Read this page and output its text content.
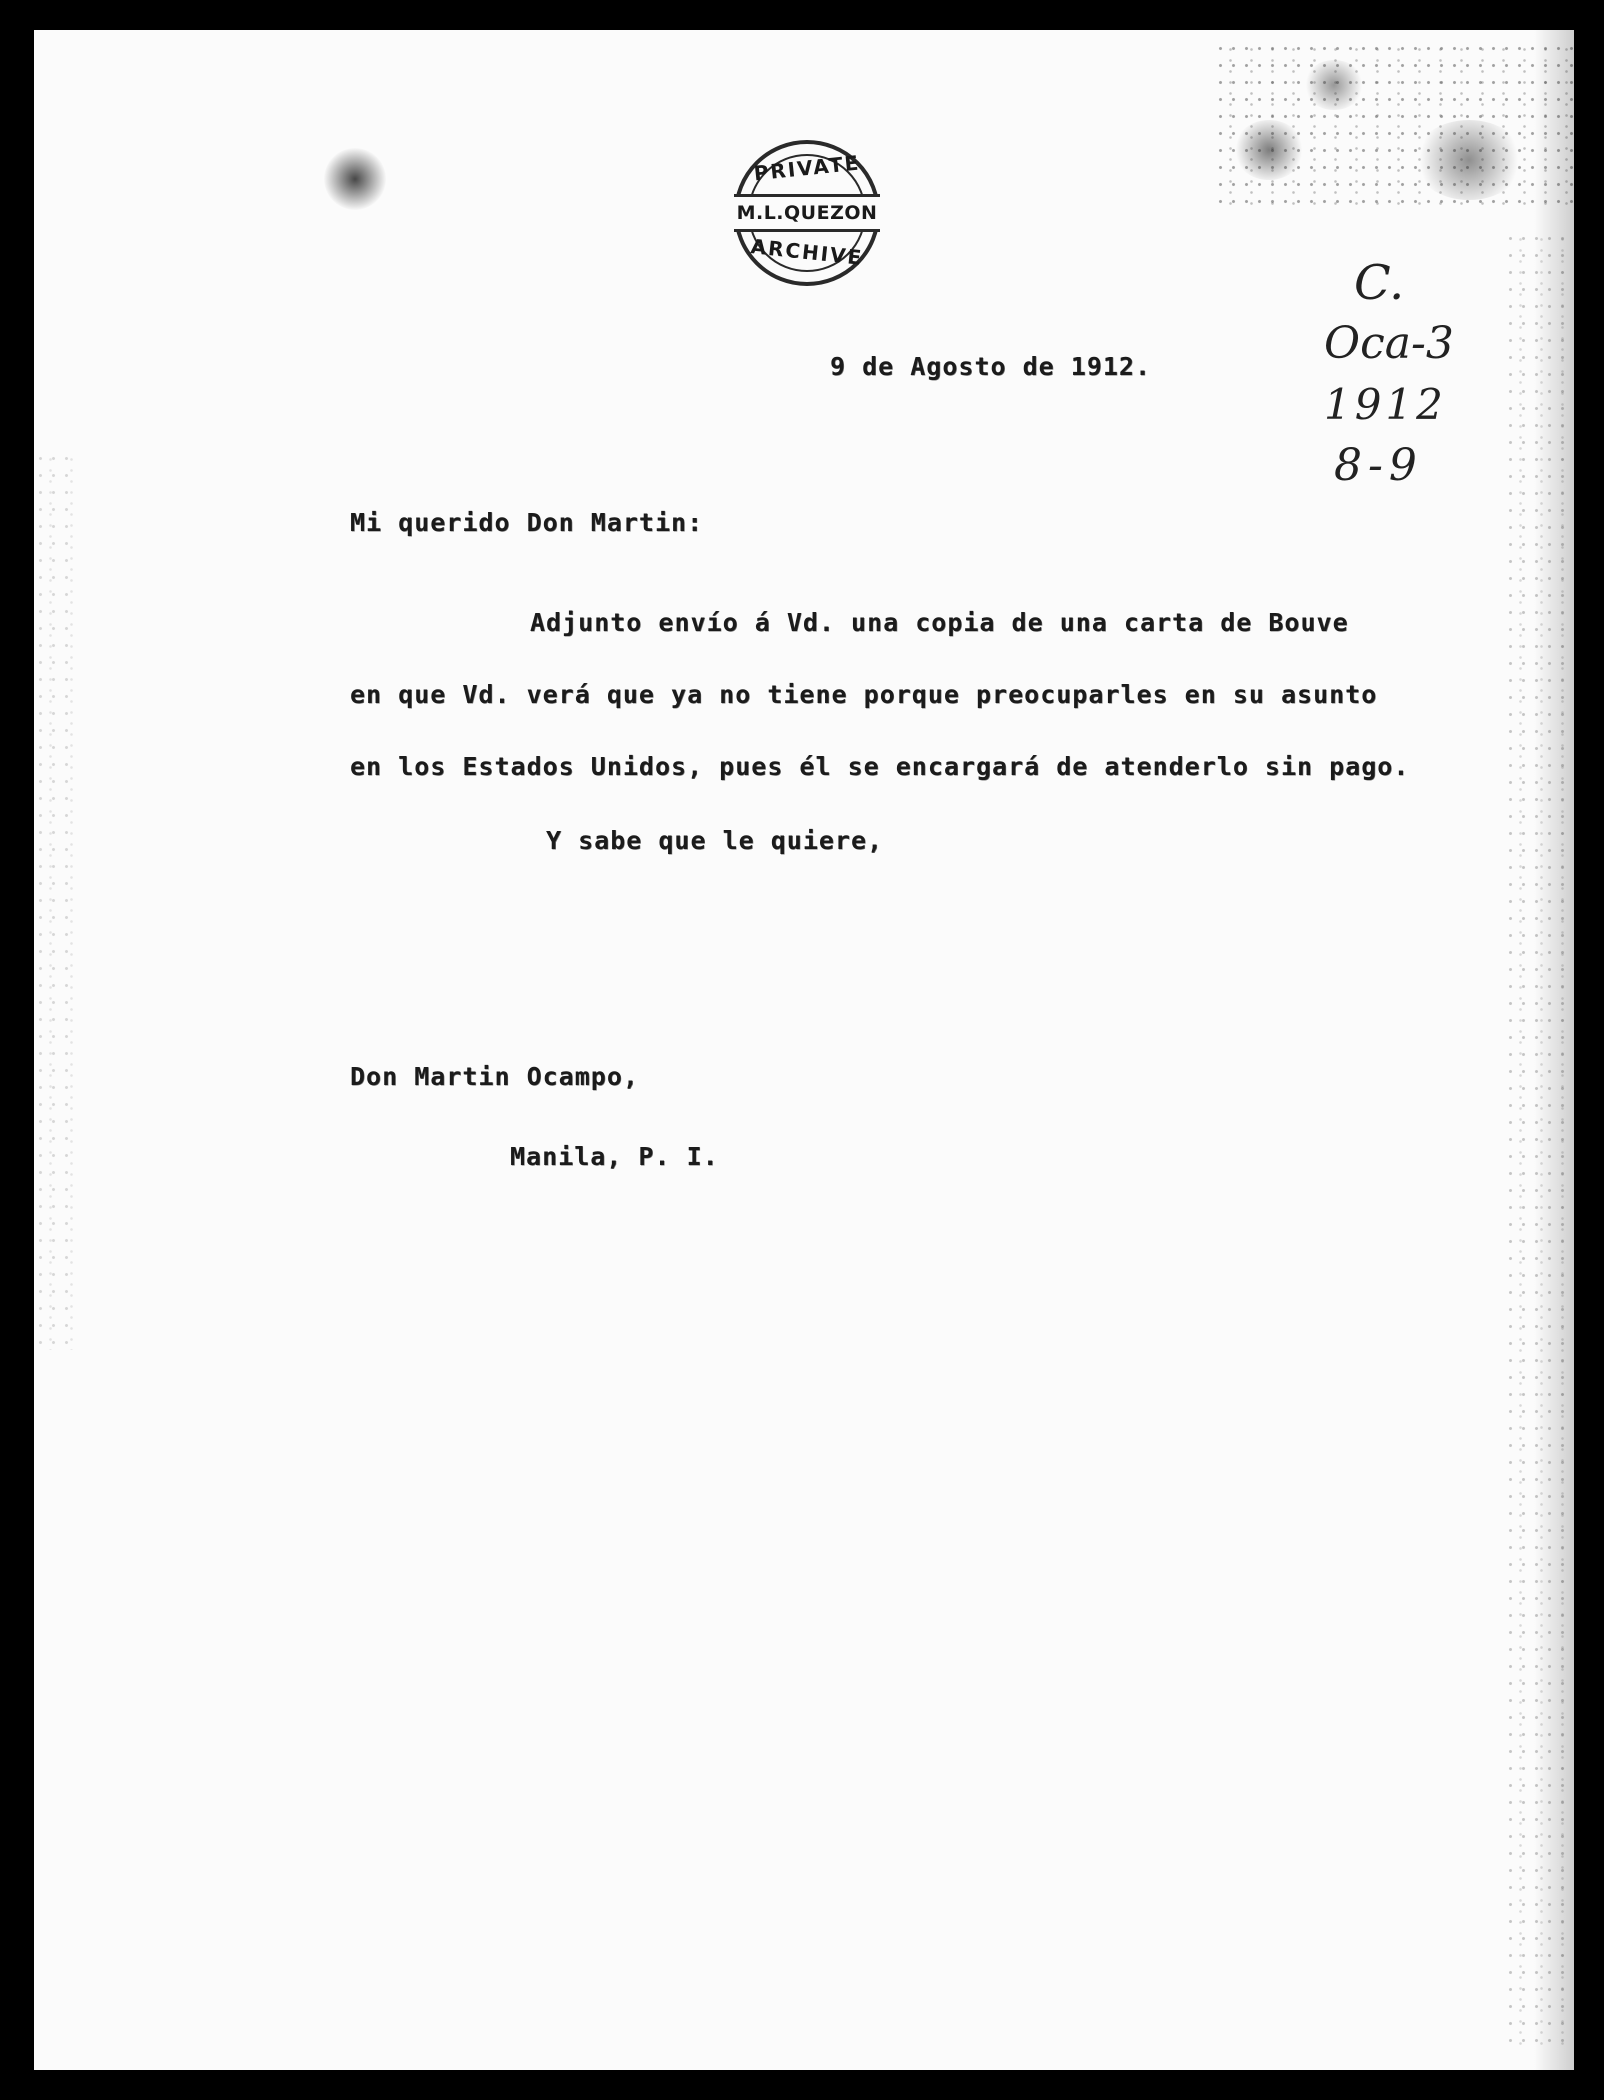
PRIVATE
M.L.QUEZON
ARCHIVE
C.
Oca-3
1912
8-9
9 de Agosto de 1912.
Mi querido Don Martin:
Adjunto envío á Vd. una copia de una carta de Bouve
en que Vd. verá que ya no tiene porque preocuparles en su asunto
en los Estados Unidos, pues él se encargará de atenderlo sin pago.
Y sabe que le quiere,
Don Martin Ocampo,
Manila, P. I.
